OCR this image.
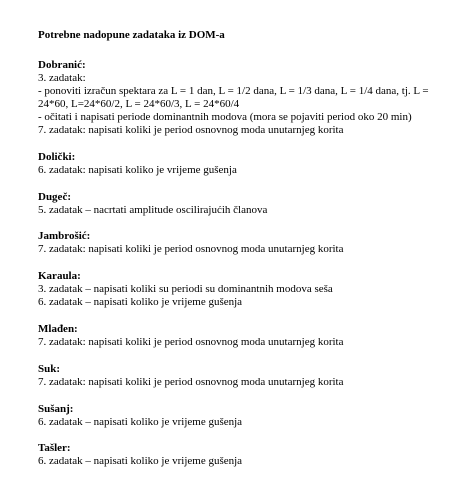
Potrebne nadopune zadataka iz DOM-a
Dobranić:
3. zadatak:
- ponoviti izračun spektara za L = 1 dan, L = 1/2 dana, L = 1/3 dana, L = 1/4 dana, tj. L = 24*60, L=24*60/2, L = 24*60/3, L = 24*60/4
- očitati i napisati periode dominantnih modova (mora se pojaviti period oko 20 min)
7. zadatak: napisati koliki je period osnovnog moda unutarnjeg korita
Dolički:
6. zadatak: napisati koliko je vrijeme gušenja
Dugeč:
5. zadatak – nacrtati amplitude oscilirajućih članova
Jambrošić:
7. zadatak: napisati koliki je period osnovnog moda unutarnjeg korita
Karaula:
3. zadatak – napisati koliki su periodi su dominantnih modova seša
6. zadatak – napisati koliko je vrijeme gušenja
Mlađen:
7. zadatak: napisati koliki je period osnovnog moda unutarnjeg korita
Suk:
7. zadatak: napisati koliki je period osnovnog moda unutarnjeg korita
Sušanj:
6. zadatak – napisati koliko je vrijeme gušenja
Tašler:
6. zadatak – napisati koliko je vrijeme gušenja
